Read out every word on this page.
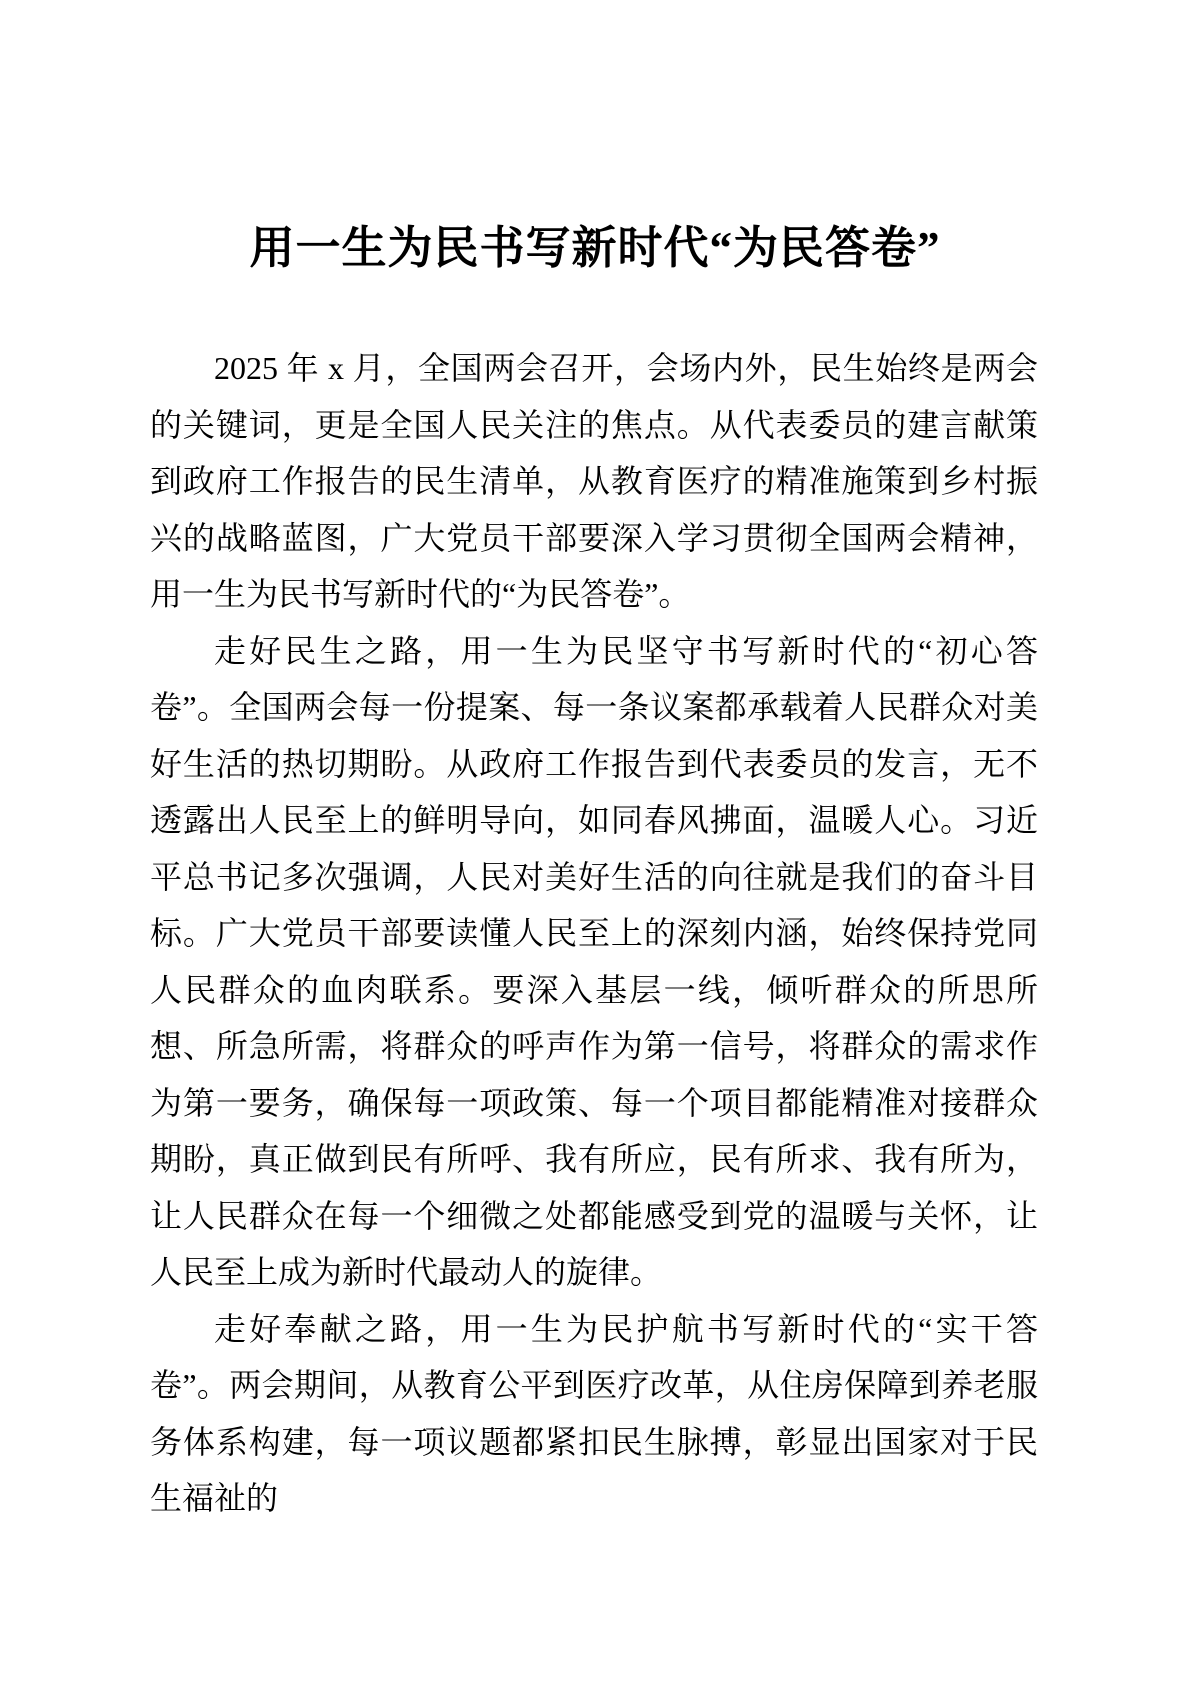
用一生为民书写新时代“为民答卷”

2025 年 x 月，全国两会召开，会场内外，民生始终是两会的关键词，更是全国人民关注的焦点。从代表委员的建言献策到政府工作报告的民生清单，从教育医疗的精准施策到乡村振兴的战略蓝图，广大党员干部要深入学习贯彻全国两会精神，用一生为民书写新时代的“为民答卷”。

走好民生之路，用一生为民坚守书写新时代的“初心答卷”。全国两会每一份提案、每一条议案都承载着人民群众对美好生活的热切期盼。从政府工作报告到代表委员的发言，无不透露出人民至上的鲜明导向，如同春风拂面，温暖人心。习近平总书记多次强调，人民对美好生活的向往就是我们的奋斗目标。广大党员干部要读懂人民至上的深刻内涵，始终保持党同人民群众的血肉联系。要深入基层一线，倾听群众的所思所想、所急所需，将群众的呼声作为第一信号，将群众的需求作为第一要务，确保每一项政策、每一个项目都能精准对接群众期盼，真正做到民有所呼、我有所应，民有所求、我有所为，让人民群众在每一个细微之处都能感受到党的温暖与关怀，让人民至上成为新时代最动人的旋律。

走好奉献之路，用一生为民护航书写新时代的“实干答卷”。两会期间，从教育公平到医疗改革，从住房保障到养老服务体系构建，每一项议题都紧扣民生脉搏，彰显出国家对于民生福祉的
